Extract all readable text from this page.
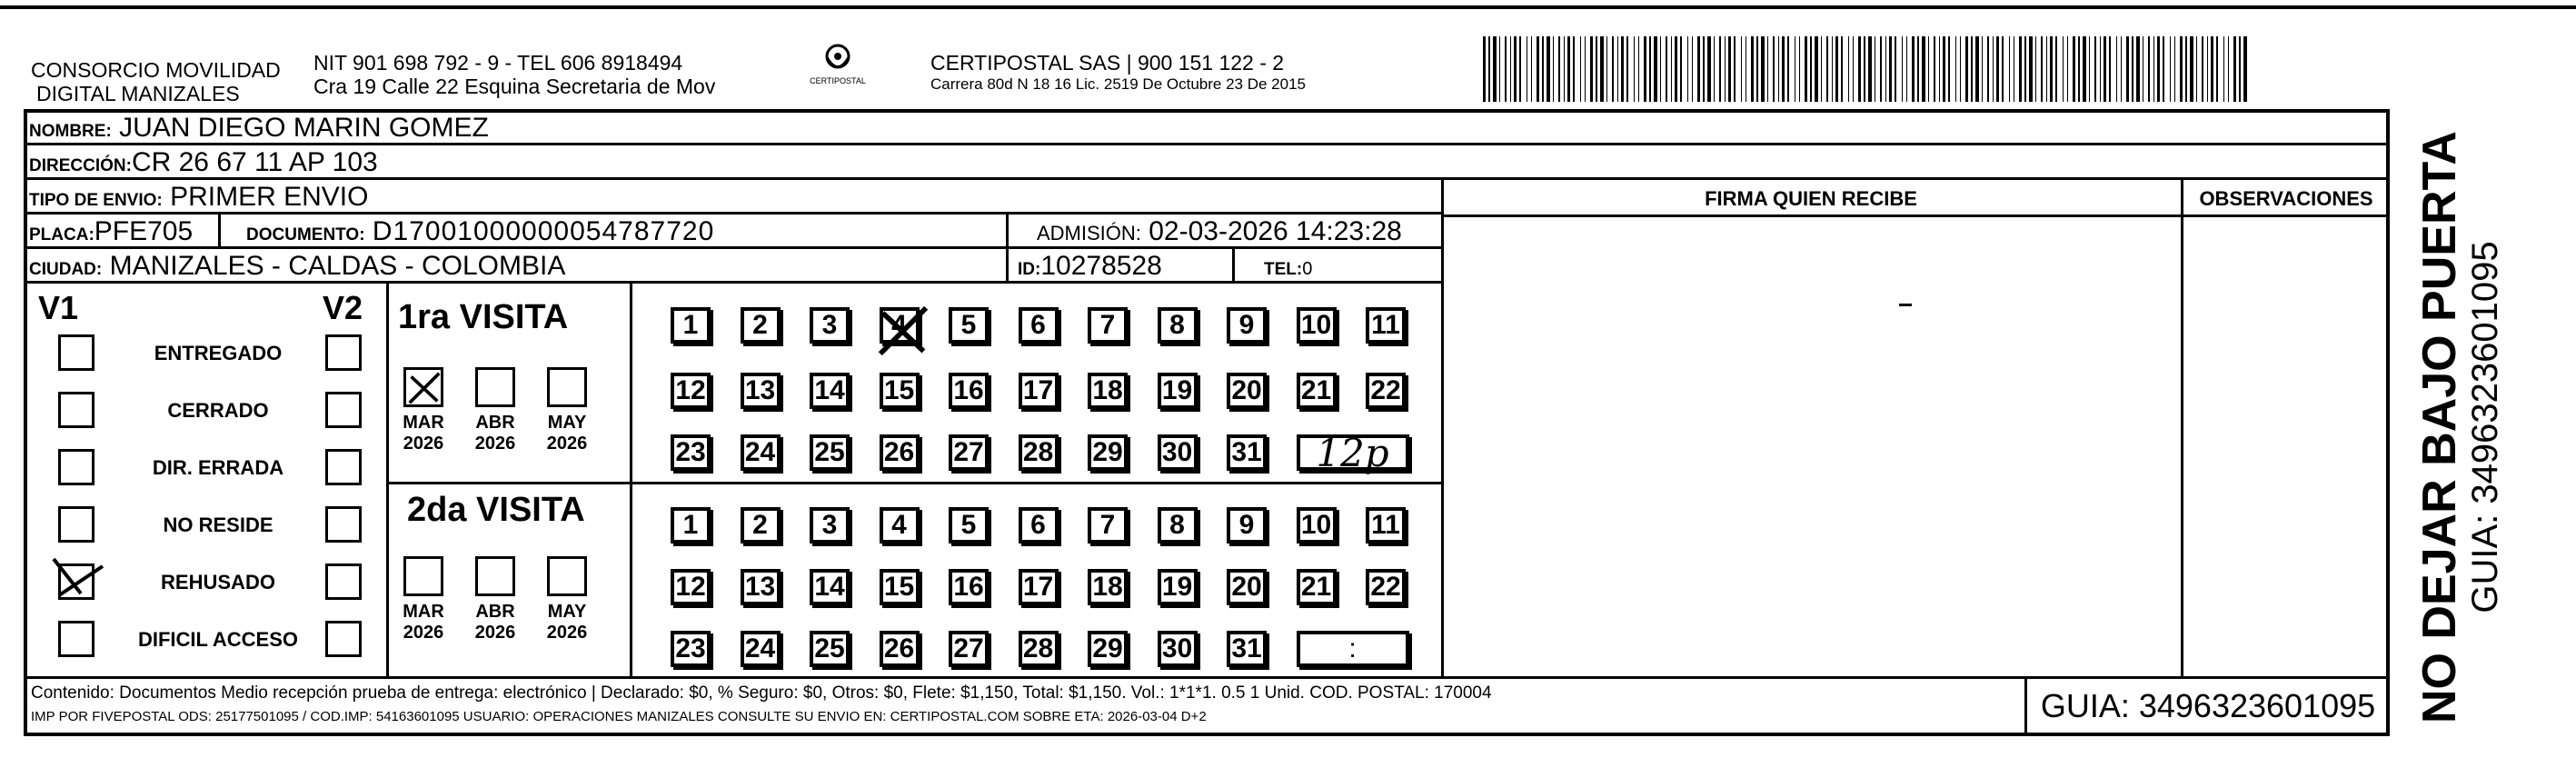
CONSORCIO MOVILIDAD
DIGITAL MANIZALES
NIT 901 698 792 - 9 - TEL 606 8918494
Cra 19 Calle 22 Esquina Secretaria de Mov	CERTIPOSTAL
CERTIPOSTAL SAS | 900 151 122 - 2
Carrera 80d N 18 16 Lic. 2519 De Octubre 23 De 2015
NOMBRE: JUAN DIEGO MARIN GOMEZ
DIRECCIÓN:CR 26 67 11 AP 103
TIPO DE ENVIO: PRIMER ENVIO
PLACA:PFE705	DOCUMENTO: D17001000000054787720	ADMISIÓN: 02-03-2026 14:23:28
CIUDAD: MANIZALES - CALDAS - COLOMBIA	ID:10278528	TEL:0
FIRMA QUIEN RECIBE	OBSERVACIONES
V1	V2
ENTREGADO
CERRADO
DIR. ERRADA
NO RESIDE
REHUSADO
DIFICIL ACCESO
1ra VISITA
2da VISITA
MAR
2026
ABR
2026
MAY
2026
MAR
2026
ABR
2026
MAY
2026
1	2	3	4	5	6	7	8	9	10 11
12 13 14 15 16 17 18 19 20 21 22
23 24 25 26 27 28 29 30 31	12p
1	2	3	4	5	6	7	8	9	10 11
12 13 14 15 16 17 18 19 20 21 22
23 24 25 26 27 28 29 30 31	:
Contenido: Documentos Medio recepción prueba de entrega: electrónico | Declarado: $0, % Seguro: $0, Otros: $0, Flete: $1,150, Total: $1,150. Vol.: 1*1*1. 0.5 1 Unid. COD. POSTAL: 170004
IMP POR FIVEPOSTAL ODS: 25177501095 / COD.IMP: 54163601095 USUARIO: OPERACIONES MANIZALES CONSULTE SU ENVIO EN: CERTIPOSTAL.COM SOBRE ETA: 2026-03-04 D+2	GUIA: 3496323601095 NO DEJAR BAJO PUERTA GUIA: 3496323601095
